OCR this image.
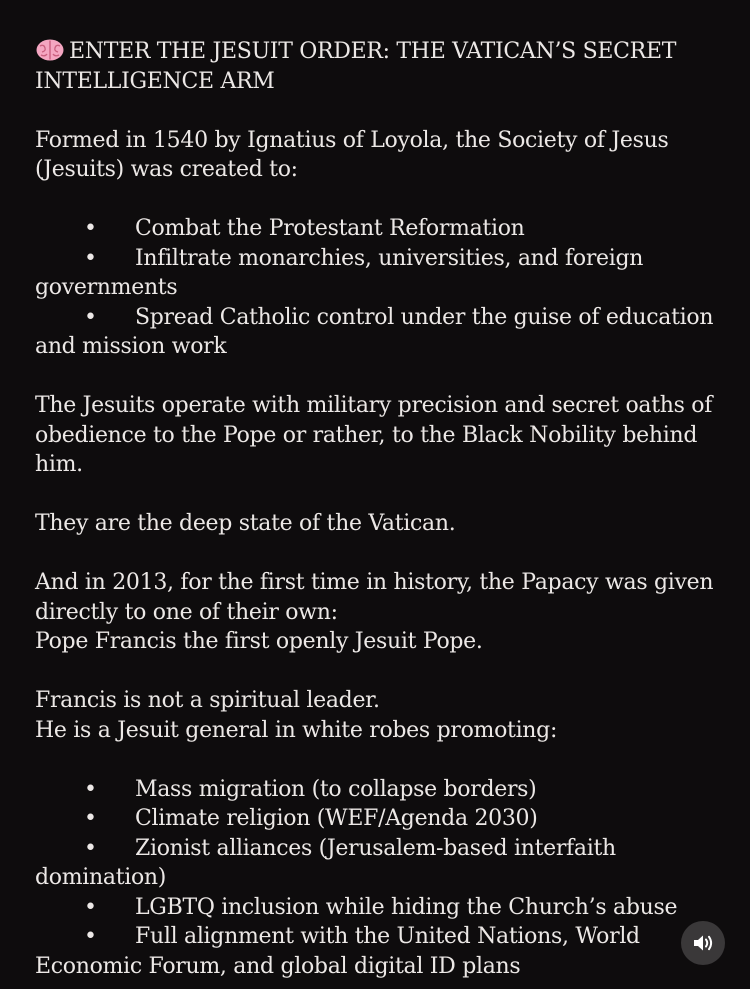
ENTER THE JESUIT ORDER: THE VATICAN’S SECRET
INTELLIGENCE ARM

Formed in 1540 by Ignatius of Loyola, the Society of Jesus (Jesuits) was created to:

• Combat the Protestant Reformation

• Infiltrate monarchies, universities, and foreign governments

• Spread Catholic control under the guise of education and mission work

The Jesuits operate with military precision and secret oaths of obedience to the Pope or rather, to the Black Nobility behind him.

They are the deep state of the Vatican.

And in 2013, for the first time in history, the Papacy was given directly to one of their own:
Pope Francis the first openly Jesuit Pope.

Francis is not a spiritual leader.
He is a Jesuit general in white robes promoting:

• Mass migration (to collapse borders)

• Climate religion (WEF/Agenda 2030)

• Zionist alliances (Jerusalem-based interfaith domination)

• LGBTQ inclusion while hiding the Church’s abuse

• Full alignment with the United Nations, World Economic Forum, and global digital ID plans
